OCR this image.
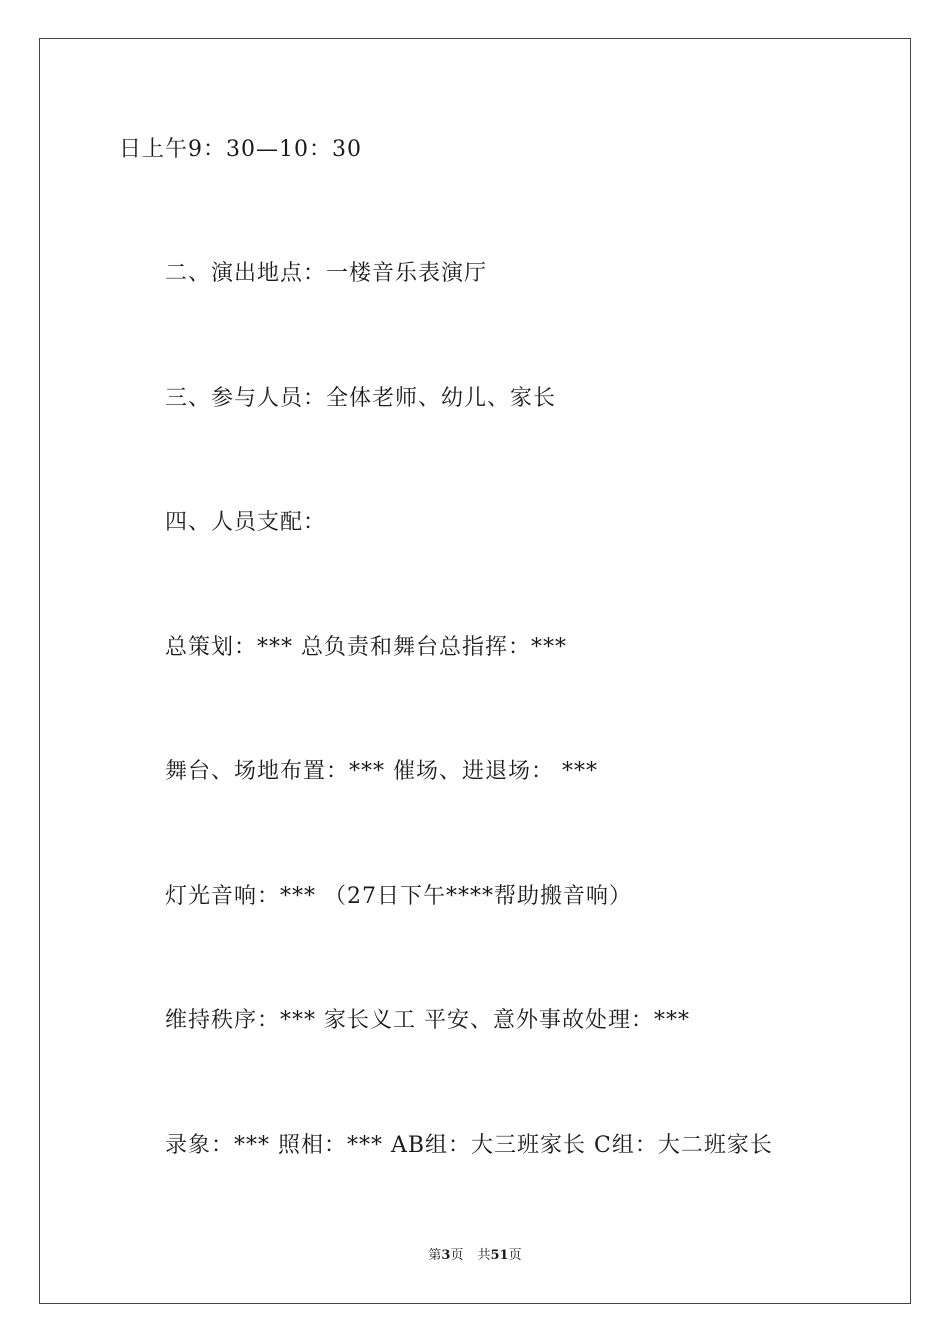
日上午9：30—10：30
二、演出地点：一楼音乐表演厅
三、参与人员：全体老师、幼儿、家长
四、人员支配：
总策划：*** 总负责和舞台总指挥：***
舞台、场地布置：*** 催场、进退场： ***
灯光音响：*** （27日下午****帮助搬音响）
维持秩序：*** 家长义工 平安、意外事故处理：***
录象：*** 照相：*** AB组：大三班家长 C组：大二班家长
第3页 共51页
